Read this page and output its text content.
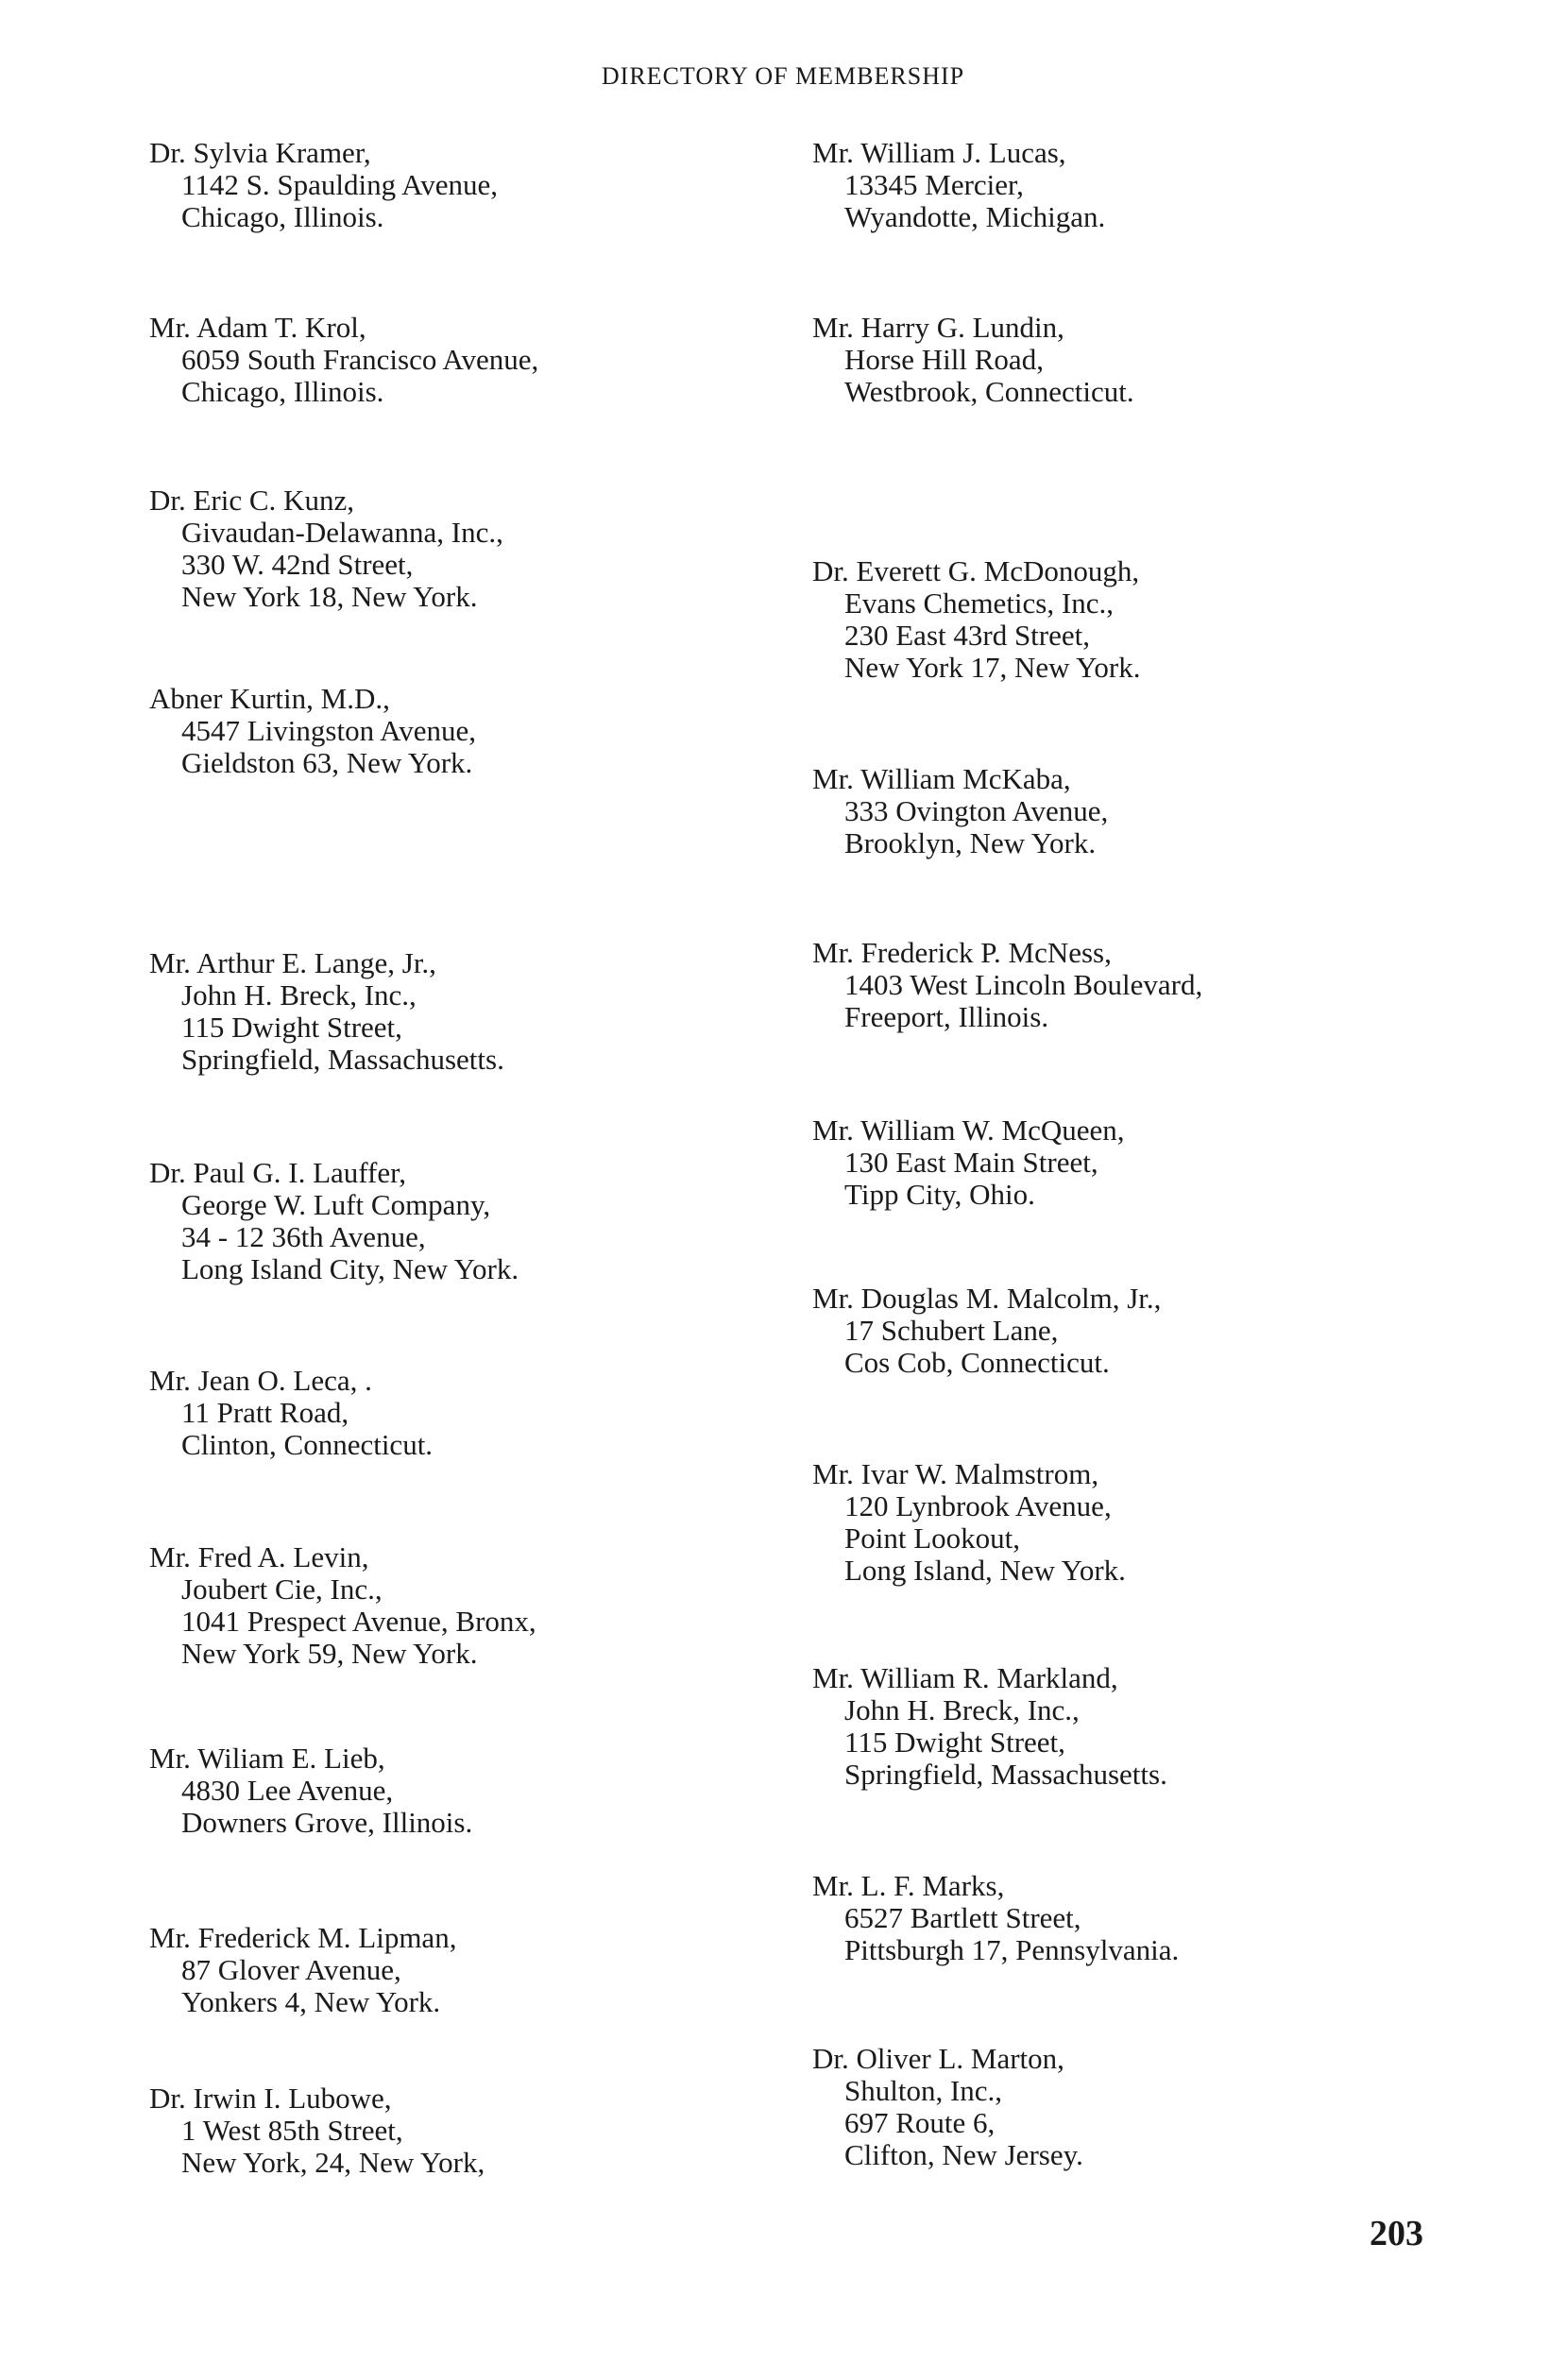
DIRECTORY OF MEMBERSHIP
Dr. Sylvia Kramer,
1142 S. Spaulding Avenue,
Chicago, Illinois.
Mr. Adam T. Krol,
6059 South Francisco Avenue,
Chicago, Illinois.
Dr. Eric C. Kunz,
Givaudan-Delawanna, Inc.,
330 W. 42nd Street,
New York 18, New York.
Abner Kurtin, M.D.,
4547 Livingston Avenue,
Gieldston 63, New York.
Mr. Arthur E. Lange, Jr.,
John H. Breck, Inc.,
115 Dwight Street,
Springfield, Massachusetts.
Dr. Paul G. I. Lauffer,
George W. Luft Company,
34 - 12 36th Avenue,
Long Island City, New York.
Mr. Jean O. Leca, .
11 Pratt Road,
Clinton, Connecticut.
Mr. Fred A. Levin,
Joubert Cie, Inc.,
1041 Prespect Avenue, Bronx,
New York 59, New York.
Mr. Wiliam E. Lieb,
4830 Lee Avenue,
Downers Grove, Illinois.
Mr. Frederick M. Lipman,
87 Glover Avenue,
Yonkers 4, New York.
Dr. Irwin I. Lubowe,
1 West 85th Street,
New York, 24, New York,
Mr. William J. Lucas,
13345 Mercier,
Wyandotte, Michigan.
Mr. Harry G. Lundin,
Horse Hill Road,
Westbrook, Connecticut.
Dr. Everett G. McDonough,
Evans Chemetics, Inc.,
230 East 43rd Street,
New York 17, New York.
Mr. William McKaba,
333 Ovington Avenue,
Brooklyn, New York.
Mr. Frederick P. McNess,
1403 West Lincoln Boulevard,
Freeport, Illinois.
Mr. William W. McQueen,
130 East Main Street,
Tipp City, Ohio.
Mr. Douglas M. Malcolm, Jr.,
17 Schubert Lane,
Cos Cob, Connecticut.
Mr. Ivar W. Malmstrom,
120 Lynbrook Avenue,
Point Lookout,
Long Island, New York.
Mr. William R. Markland,
John H. Breck, Inc.,
115 Dwight Street,
Springfield, Massachusetts.
Mr. L. F. Marks,
6527 Bartlett Street,
Pittsburgh 17, Pennsylvania.
Dr. Oliver L. Marton,
Shulton, Inc.,
697 Route 6,
Clifton, New Jersey.
203
